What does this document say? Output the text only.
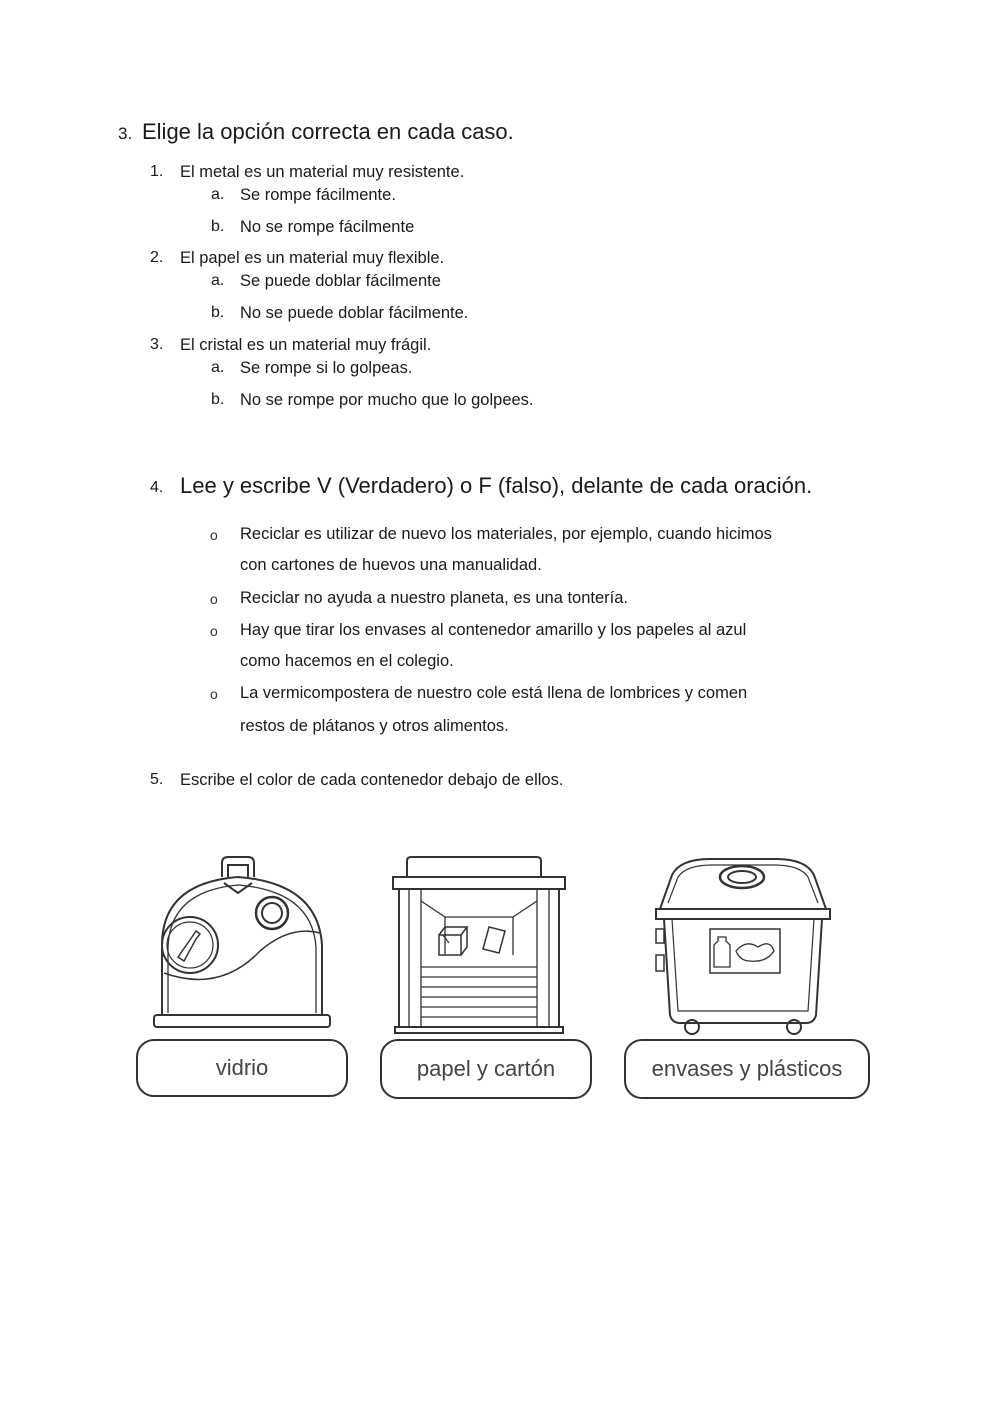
3. Elige la opción correcta en cada caso.
1. El metal es un material muy resistente.
a. Se rompe fácilmente.
b. No se rompe fácilmente
2. El papel es un material muy flexible.
a. Se puede doblar fácilmente
b. No se puede doblar fácilmente.
3. El cristal es un material muy frágil.
a. Se rompe si lo golpeas.
b. No se rompe por mucho que lo golpees.
4. Lee y escribe V (Verdadero) o F (falso), delante de cada oración.
o Reciclar es utilizar de nuevo los materiales, por ejemplo, cuando hicimos
con cartones de huevos una manualidad.
o Reciclar no ayuda a nuestro planeta, es una tontería.
o Hay que tirar los envases al contenedor amarillo y los papeles al azul
como hacemos en el colegio.
o La vermicompostera de nuestro cole está llena de lombrices y comen
restos de plátanos y otros alimentos.
5. Escribe el color de cada contenedor debajo de ellos.
vidrio	papel y cartón	envases y plásticos
